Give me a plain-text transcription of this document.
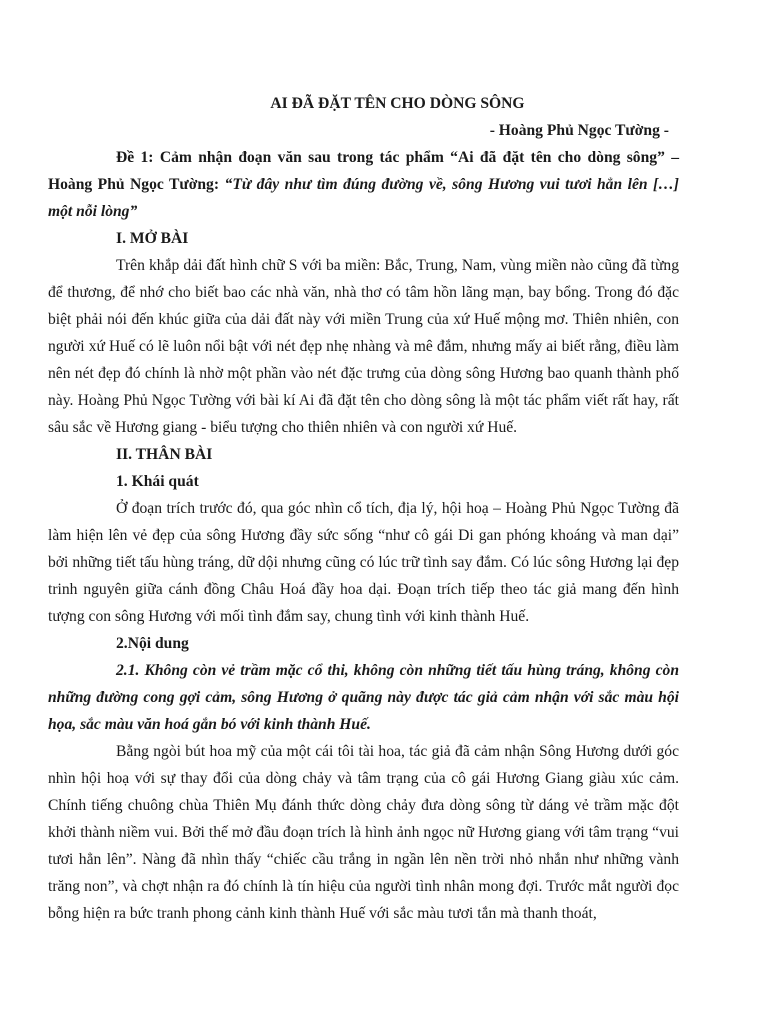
AI ĐÃ ĐẶT TÊN CHO DÒNG SÔNG

- Hoàng Phủ Ngọc Tường -

Đề 1: Cảm nhận đoạn văn sau trong tác phẩm “Ai đã đặt tên cho dòng sông” – Hoàng Phủ Ngọc Tường: “Từ đây như tìm đúng đường về, sông Hương vui tươi hẳn lên […] một nỗi lòng”

I. MỞ BÀI

Trên khắp dải đất hình chữ S với ba miền: Bắc, Trung, Nam, vùng miền nào cũng đã từng để thương, để nhớ cho biết bao các nhà văn, nhà thơ có tâm hồn lãng mạn, bay bổng. Trong đó đặc biệt phải nói đến khúc giữa của dải đất này với miền Trung của xứ Huế mộng mơ. Thiên nhiên, con người xứ Huế có lẽ luôn nổi bật với nét đẹp nhẹ nhàng và mê đắm, nhưng mấy ai biết rằng, điều làm nên nét đẹp đó chính là nhờ một phần vào nét đặc trưng của dòng sông Hương bao quanh thành phố này. Hoàng Phủ Ngọc Tường với bài kí Ai đã đặt tên cho dòng sông là một tác phẩm viết rất hay, rất sâu sắc về Hương giang - biểu tượng cho thiên nhiên và con người xứ Huế.

II. THÂN BÀI

1. Khái quát

Ở đoạn trích trước đó, qua góc nhìn cổ tích, địa lý, hội hoạ – Hoàng Phủ Ngọc Tường đã làm hiện lên vẻ đẹp của sông Hương đầy sức sống “như cô gái Di gan phóng khoáng và man dại” bởi những tiết tấu hùng tráng, dữ dội nhưng cũng có lúc trữ tình say đắm. Có lúc sông Hương lại đẹp trinh nguyên giữa cánh đồng Châu Hoá đầy hoa dại. Đoạn trích tiếp theo tác giả mang đến hình tượng con sông Hương với mối tình đắm say, chung tình với kinh thành Huế.

2.Nội dung

2.1. Không còn vẻ trầm mặc cổ thi, không còn những tiết tấu hùng tráng, không còn những đường cong gợi cảm, sông Hương ở quãng này được tác giả cảm nhận với sắc màu hội họa, sắc màu văn hoá gắn bó với kinh thành Huế.

Bằng ngòi bút hoa mỹ của một cái tôi tài hoa, tác giả đã cảm nhận Sông Hương dưới góc nhìn hội hoạ với sự thay đổi của dòng chảy và tâm trạng của cô gái Hương Giang giàu xúc cảm. Chính tiếng chuông chùa Thiên Mụ đánh thức dòng chảy đưa dòng sông từ dáng vẻ trầm mặc đột khởi thành niềm vui. Bởi thế mở đầu đoạn trích là hình ảnh ngọc nữ Hương giang với tâm trạng “vui tươi hẳn lên”. Nàng đã nhìn thấy “chiếc cầu trắng in ngần lên nền trời nhỏ nhắn như những vành trăng non”, và chợt nhận ra đó chính là tín hiệu của người tình nhân mong đợi. Trước mắt người đọc bỗng hiện ra bức tranh phong cảnh kinh thành Huế với sắc màu tươi tắn mà thanh thoát,
